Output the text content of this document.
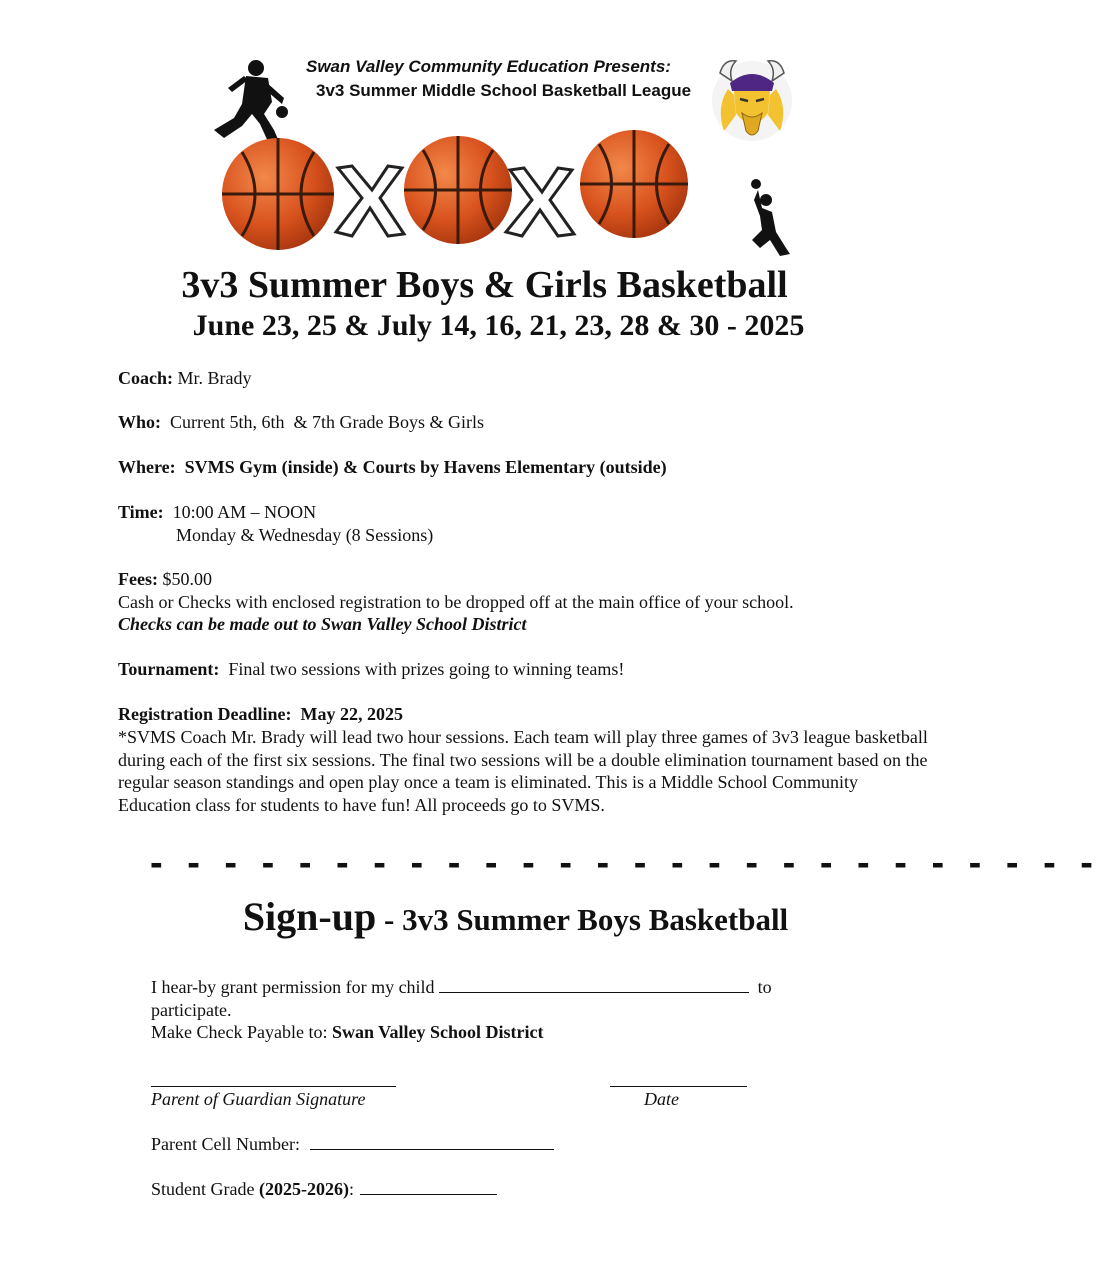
Swan Valley Community Education Presents:
3v3 Summer Middle School Basketball League
3v3 Summer Boys & Girls Basketball
June 23, 25 & July 14, 16, 21, 23, 28 & 30 - 2025
Coach: Mr. Brady
Who: Current 5th, 6th  & 7th Grade Boys & Girls
Where: SVMS Gym (inside) & Courts by Havens Elementary (outside)
Time: 10:00 AM – NOON
Monday & Wednesday (8 Sessions)
Fees: $50.00
Cash or Checks with enclosed registration to be dropped off at the main office of your school.
Checks can be made out to Swan Valley School District
Tournament: Final two sessions with prizes going to winning teams!
Registration Deadline: May 22, 2025
*SVMS Coach Mr. Brady will lead two hour sessions. Each team will play three games of 3v3 league basketball during each of the first six sessions. The final two sessions will be a double elimination tournament based on the regular season standings and open play once a team is eliminated. This is a Middle School Community Education class for students to have fun! All proceeds go to SVMS.
- - - - - - - - - - - - - - - - - - - - - - - - - -
Sign-up - 3v3 Summer Boys Basketball
I hear-by grant permission for my child	to
participate.
Make Check Payable to: Swan Valley School District
Parent of Guardian Signature	Date
Parent Cell Number:
Student Grade (2025-2026):
